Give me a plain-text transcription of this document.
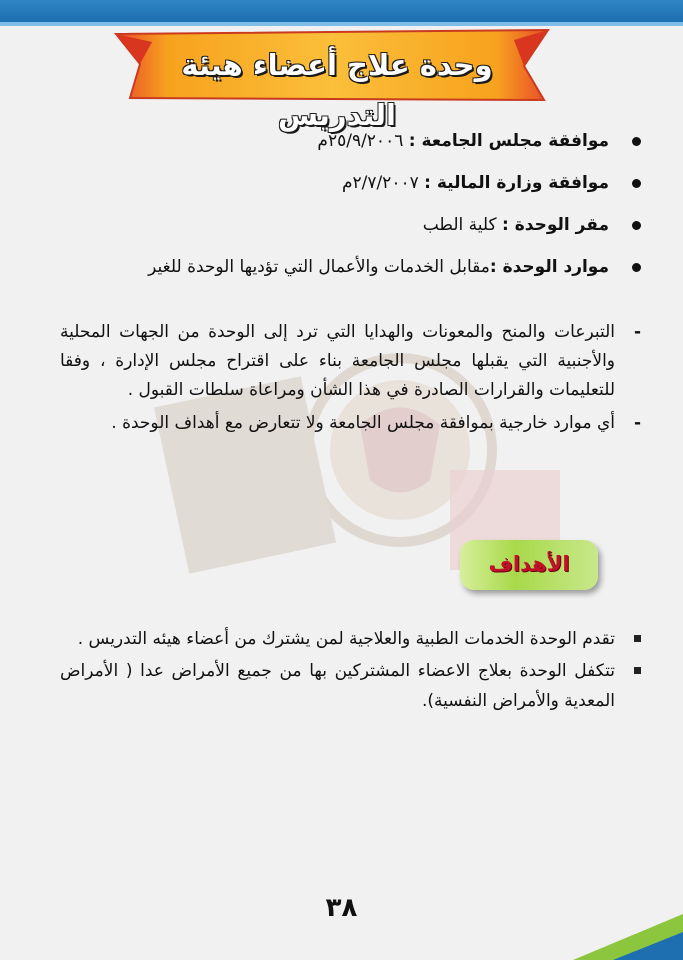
وحدة علاج أعضاء هيئة التدريس
موافقة مجلس الجامعة : ٢٥/٩/٢٠٠٦م
موافقة وزارة المالية : ٢/٧/٢٠٠٧م
مقر الوحدة : كلية الطب
موارد الوحدة :مقابل الخدمات والأعمال التي تؤديها الوحدة للغير
-
التبرعات والمنح والمعونات والهدايا التي ترد إلى الوحدة من الجهات المحلية والأجنبية التي يقبلها مجلس الجامعة بناء على اقتراح مجلس الإدارة ، وفقا للتعليمات والقرارات الصادرة في هذا الشأن ومراعاة سلطات القبول .
-
أي موارد خارجية بموافقة مجلس الجامعة ولا تتعارض مع أهداف الوحدة .
الأهداف
تقدم الوحدة الخدمات الطبية والعلاجية لمن يشترك من أعضاء هيئه التدريس .
تتكفل الوحدة بعلاج الاعضاء المشتركين بها من جميع الأمراض عدا ( الأمراض المعدية والأمراض النفسية).
٣٨
